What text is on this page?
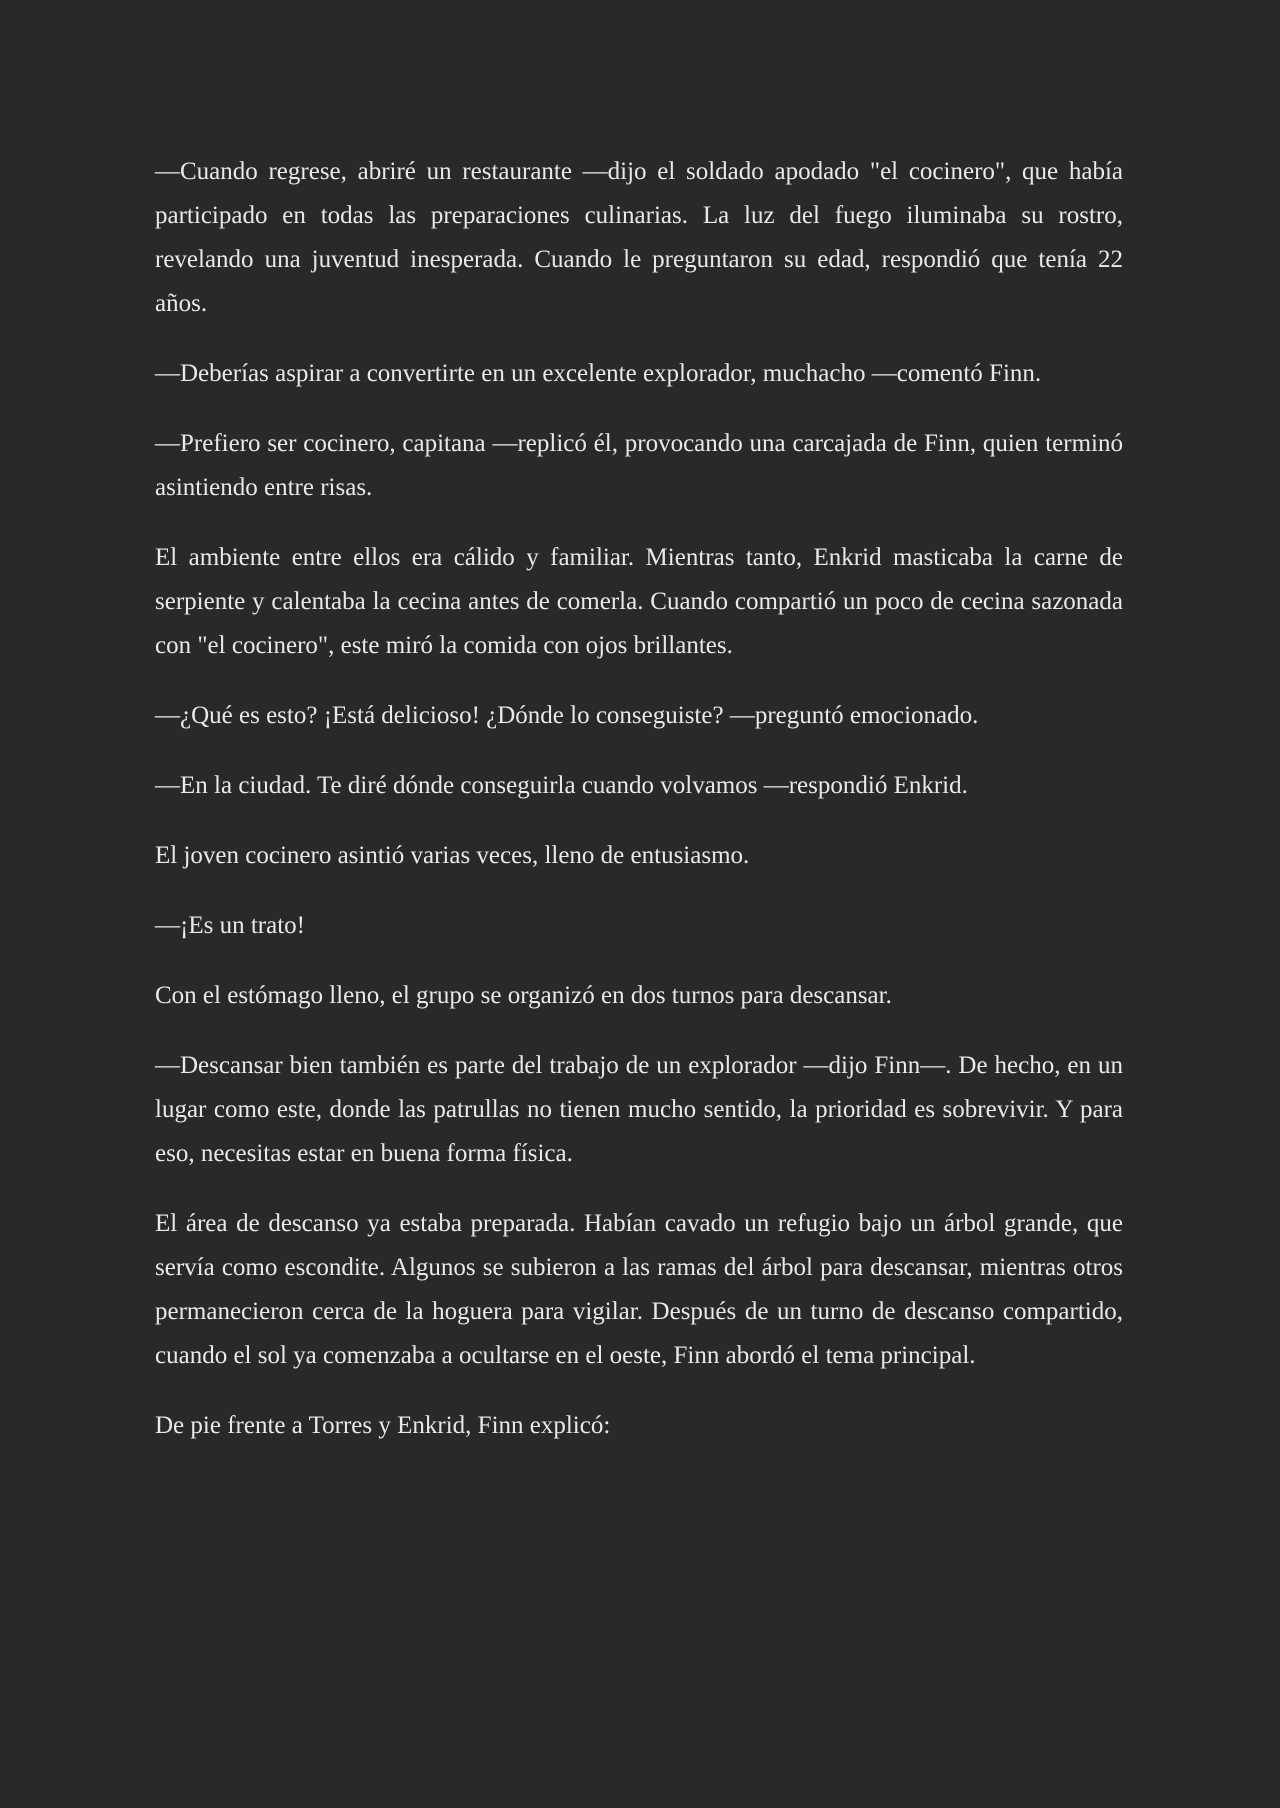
—Cuando regrese, abriré un restaurante —dijo el soldado apodado "el cocinero", que había participado en todas las preparaciones culinarias. La luz del fuego iluminaba su rostro, revelando una juventud inesperada. Cuando le preguntaron su edad, respondió que tenía 22 años.

—Deberías aspirar a convertirte en un excelente explorador, muchacho —comentó Finn.

—Prefiero ser cocinero, capitana —replicó él, provocando una carcajada de Finn, quien terminó asintiendo entre risas.

El ambiente entre ellos era cálido y familiar. Mientras tanto, Enkrid masticaba la carne de serpiente y calentaba la cecina antes de comerla. Cuando compartió un poco de cecina sazonada con "el cocinero", este miró la comida con ojos brillantes.

—¿Qué es esto? ¡Está delicioso! ¿Dónde lo conseguiste? —preguntó emocionado.

—En la ciudad. Te diré dónde conseguirla cuando volvamos —respondió Enkrid.

El joven cocinero asintió varias veces, lleno de entusiasmo.

—¡Es un trato!

Con el estómago lleno, el grupo se organizó en dos turnos para descansar.

—Descansar bien también es parte del trabajo de un explorador —dijo Finn—. De hecho, en un lugar como este, donde las patrullas no tienen mucho sentido, la prioridad es sobrevivir. Y para eso, necesitas estar en buena forma física.

El área de descanso ya estaba preparada. Habían cavado un refugio bajo un árbol grande, que servía como escondite. Algunos se subieron a las ramas del árbol para descansar, mientras otros permanecieron cerca de la hoguera para vigilar. Después de un turno de descanso compartido, cuando el sol ya comenzaba a ocultarse en el oeste, Finn abordó el tema principal.

De pie frente a Torres y Enkrid, Finn explicó:
